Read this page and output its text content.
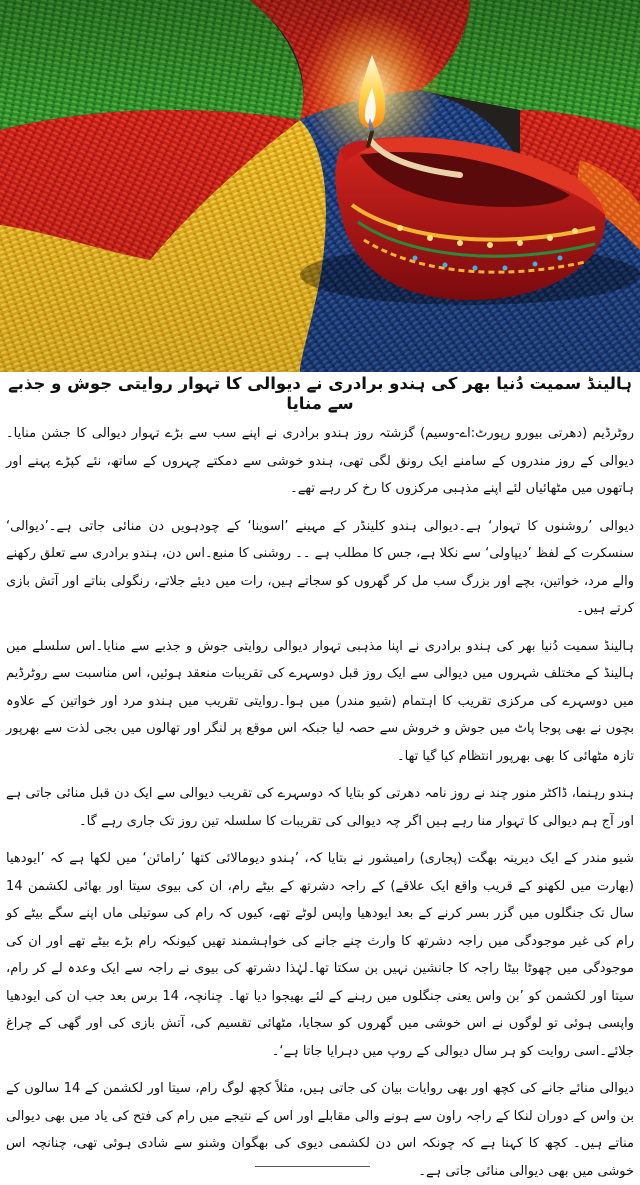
ہالینڈ سمیت دُنیا بھر کی ہندو برادری نے دیوالی کا تہوار روایتی جوش و جذبے سے منایا

روٹرڈیم (دھرتی بیورو رپورٹ:اے-وسیم) گزشتہ روز ہندو برادری نے اپنے سب سے بڑے تہوار دیوالی کا جشن منایا۔دیوالی کے روز مندروں کے سامنے ایک رونق لگی تھی، ہندو خوشی سے دمکتے چہروں کے ساتھ، نئے کپڑے پہنے اور ہاتھوں میں مٹھائیاں لئے اپنے مذہبی مرکزوں کا رخ کر رہے تھے۔

دیوالی ’روشنوں کا تہوار‘ ہے۔دیوالی ہندو کلینڈر کے مہینے ’اسوینا‘ کے چودہویں دن منائی جاتی ہے۔’دیوالی‘ سنسکرت کے لفظ ’دیپاولی‘ سے نکلا ہے، جس کا مطلب ہے ۔۔ روشنی کا منبع۔اس دن، ہندو برادری سے تعلق رکھنے والے مرد، خواتین، بچے اور بزرگ سب مل کر گھروں کو سجاتے ہیں، رات میں دیئے جلاتے، رنگولی بناتے اور آتش بازی کرتے ہیں۔

ہالینڈ سمیت دُنیا بھر کی ہندو برادری نے اپنا مذہبی تہوار دیوالی روایتی جوش و جذبے سے منایا۔اس سلسلے میں ہالینڈ کے مختلف شہروں میں دیوالی سے ایک روز قبل دوسہرے کی تقریبات منعقد ہوئیں، اس مناسبت سے روٹرڈیم میں دوسہرے کی مرکزی تقریب کا اہتمام (شیو مندر) میں ہوا۔روایتی تقریب میں ہندو مرد اور خواتین کے علاوہ بچوں نے بھی پوجا پاٹ میں جوش و خروش سے حصہ لیا جبکہ اس موقع پر لنگر اور تھالوں میں بجی لذت سے بھرپور تازہ مٹھائی کا بھی بھرپور انتظام کیا گیا تھا۔

ہندو رہنما، ڈاکٹر منور چند نے روز نامہ دھرتی کو بتایا کہ دوسہرے کی تقریب دیوالی سے ایک دن قبل منائی جاتی ہے اور آج ہم دیوالی کا تہوار منا رہے ہیں اگر چہ دیوالی کی تقریبات کا سلسلہ تین روز تک جاری رہے گا۔

شیو مندر کے ایک دیرینہ بھگت (پجاری) رامیشور نے بتایا کہ، ’ہندو دیومالائی کتھا ’رامائن‘ میں لکھا ہے کہ ’ایودھیا (بھارت میں لکھنو کے قریب واقع ایک علاقے) کے راجہ دشرتھ کے بیٹے رام، ان کی بیوی سیتا اور بھائی لکشمن 14 سال تک جنگلوں میں گزر بسر کرنے کے بعد ایودھیا واپس لوٹے تھے، کیوں کہ رام کی سوتیلی ماں اپنے سگے بیٹے کو رام کی غیر موجودگی میں راجہ دشرتھ کا وارث چنے جانے کی خواہشمند تھیں کیونکہ رام بڑے بیٹے تھے اور ان کی موجودگی میں چھوٹا بیٹا راجہ کا جانشین نہیں بن سکتا تھا۔لہٰذا دشرتھ کی بیوی نے راجہ سے ایک وعدہ لے کر رام، سیتا اور لکشمن کو ’بن واس یعنی جنگلوں میں رہنے کے لئے بھیجوا دیا تھا۔ چنانچہ، 14 برس بعد جب ان کی ایودھیا واپسی ہوئی تو لوگوں نے اس خوشی میں گھروں کو سجایا، مٹھائی تقسیم کی، آتش بازی کی اور گھی کے چراغ جلائے۔اسی روایت کو ہر سال دیوالی کے روپ میں دہرایا جاتا ہے‘۔

دیوالی منائے جانے کی کچھ اور بھی روایات بیان کی جاتی ہیں، مثلاً کچھ لوگ رام، سیتا اور لکشمن کے 14 سالوں کے بن واس کے دوران لنکا کے راجہ راون سے ہونے والی مقابلے اور اس کے نتیجے میں رام کی فتح کی یاد میں بھی دیوالی مناتے ہیں۔ کچھ کا کہنا ہے کہ چونکہ اس دن لکشمی دیوی کی بھگوان وشنو سے شادی ہوئی تھی، چنانچہ اس خوشی میں بھی دیوالی منائی جاتی ہے۔
